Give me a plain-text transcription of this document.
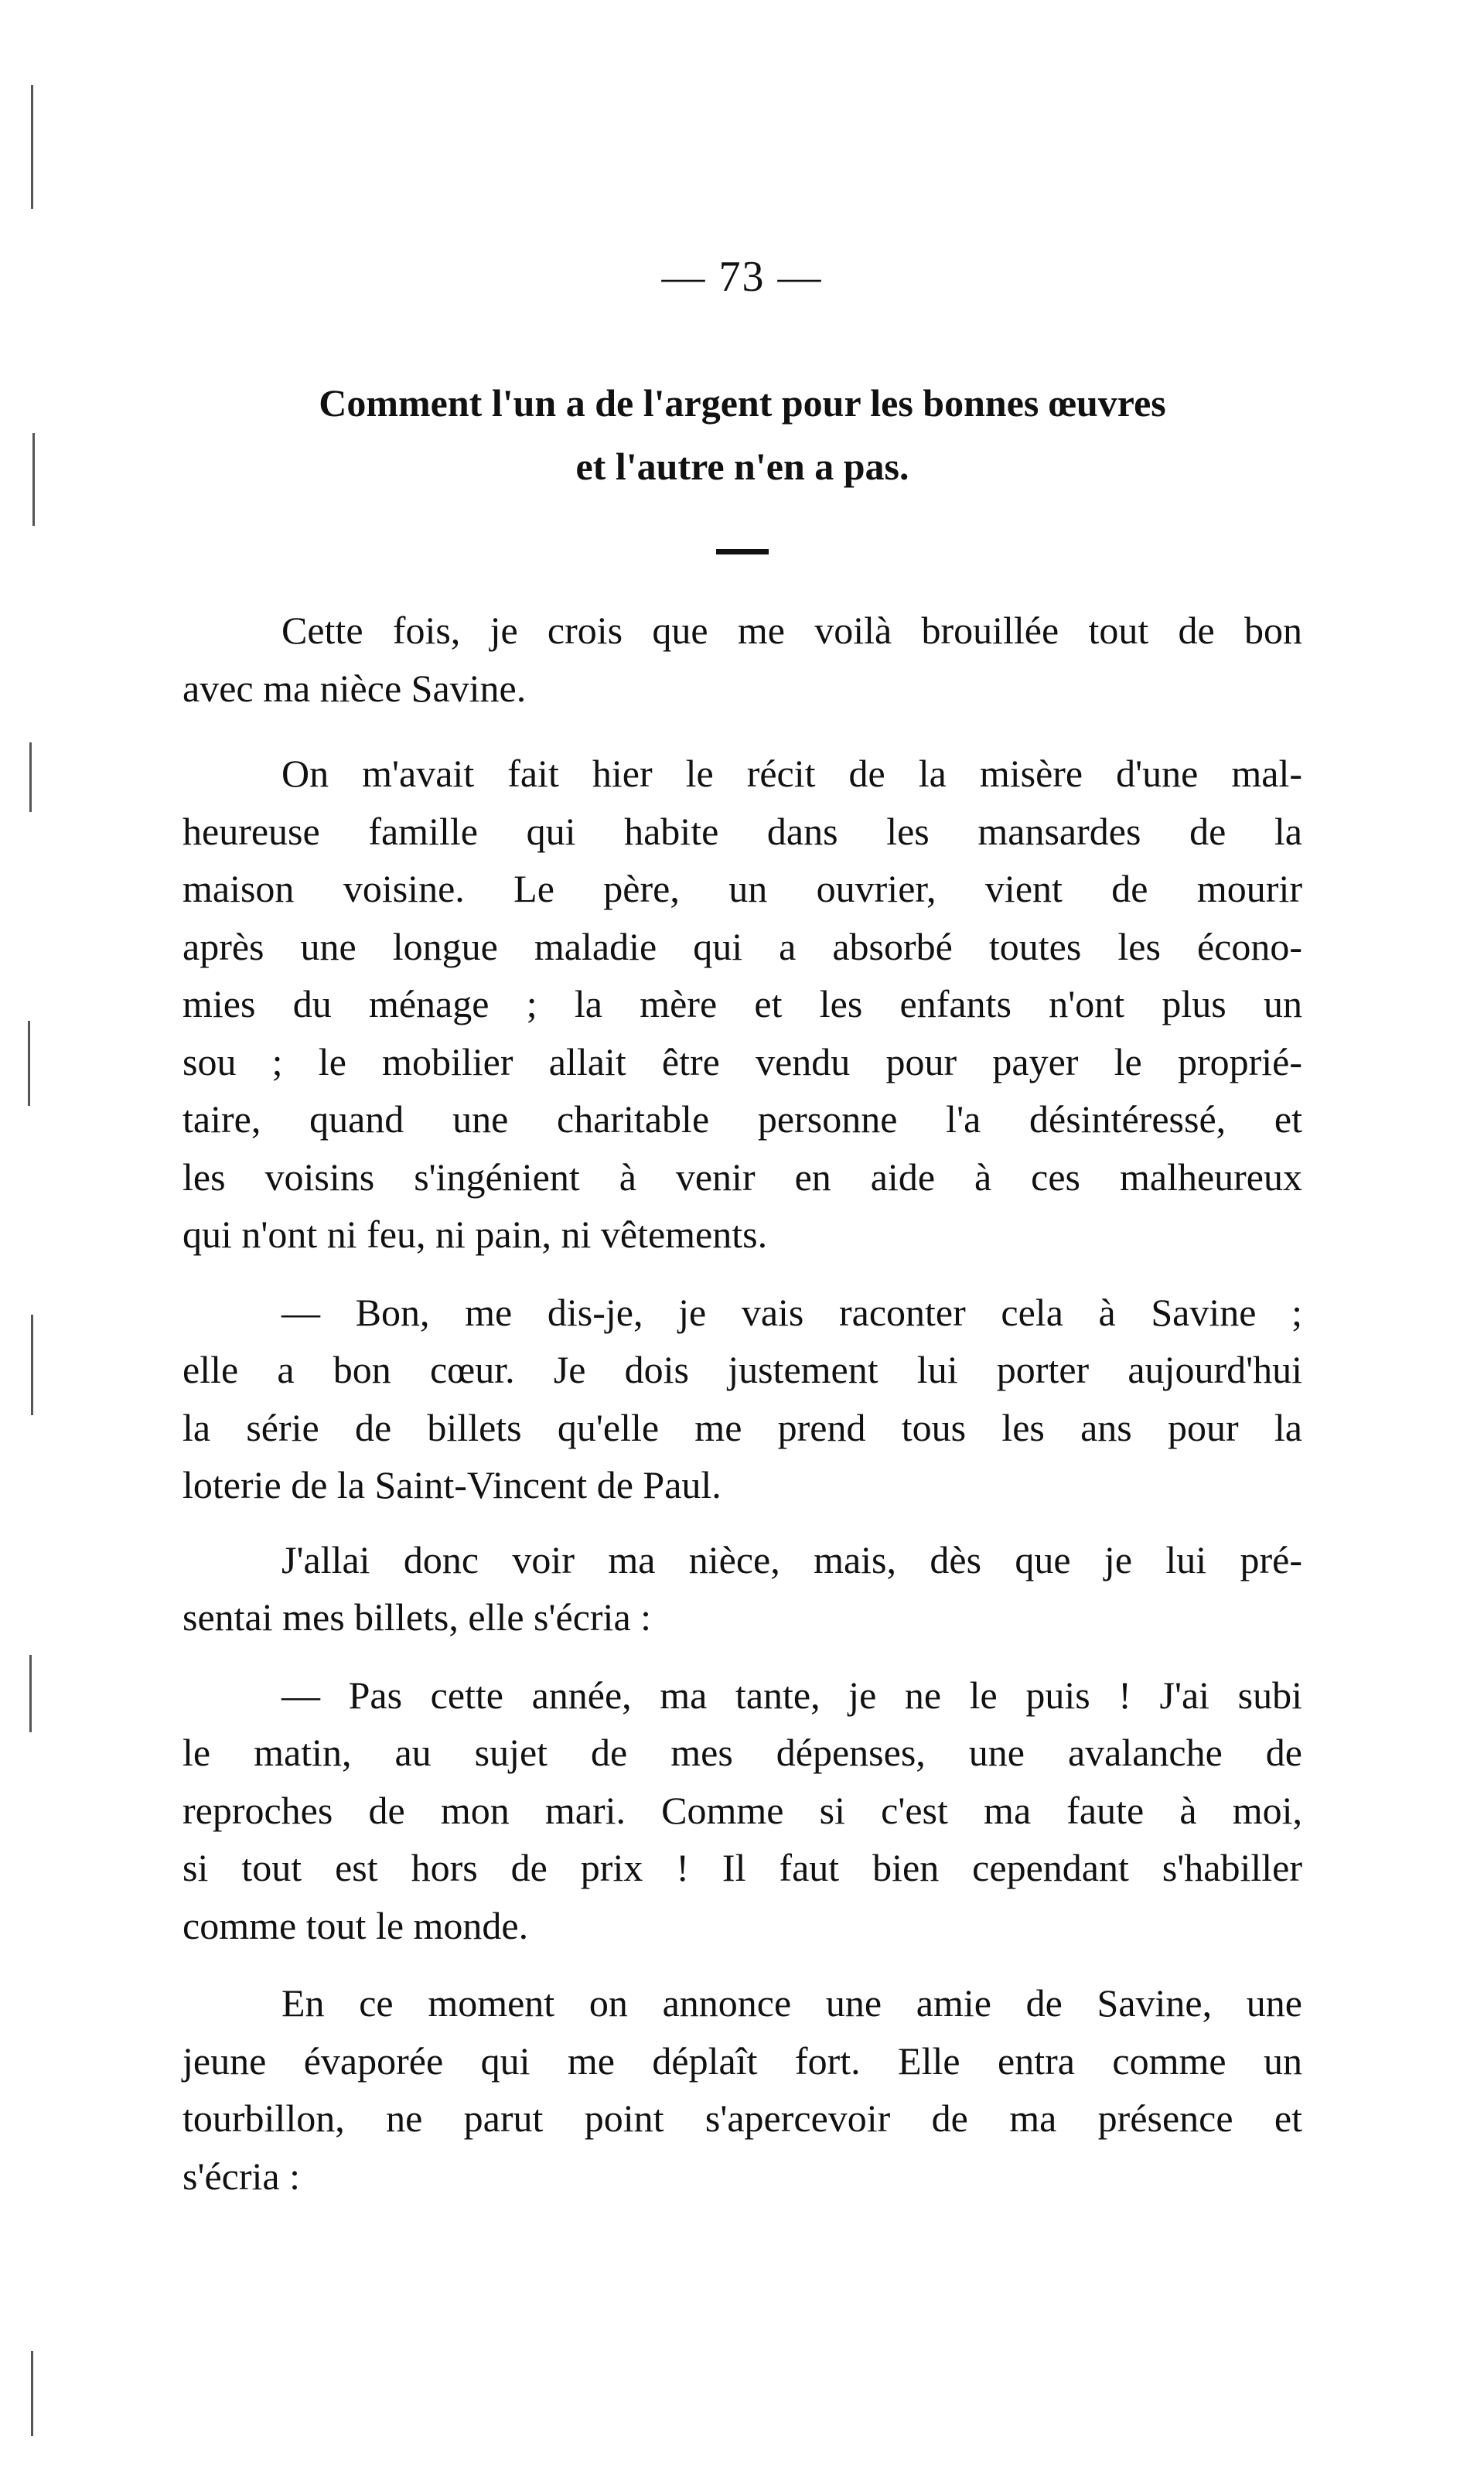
— 73 —
Comment l'un a de l'argent pour les bonnes œuvres
et l'autre n'en a pas.
Cette fois, je crois que me voilà brouillée tout de bon
avec ma nièce Savine.
On m'avait fait hier le récit de la misère d'une mal-
heureuse famille qui habite dans les mansardes de la
maison voisine. Le père, un ouvrier, vient de mourir
après une longue maladie qui a absorbé toutes les écono-
mies du ménage ; la mère et les enfants n'ont plus un
sou ; le mobilier allait être vendu pour payer le proprié-
taire, quand une charitable personne l'a désintéressé, et
les voisins s'ingénient à venir en aide à ces malheureux
qui n'ont ni feu, ni pain, ni vêtements.
— Bon, me dis-je, je vais raconter cela à Savine ;
elle a bon cœur. Je dois justement lui porter aujourd'hui
la série de billets qu'elle me prend tous les ans pour la
loterie de la Saint-Vincent de Paul.
J'allai donc voir ma nièce, mais, dès que je lui pré-
sentai mes billets, elle s'écria :
— Pas cette année, ma tante, je ne le puis ! J'ai subi
le matin, au sujet de mes dépenses, une avalanche de
reproches de mon mari. Comme si c'est ma faute à moi,
si tout est hors de prix ! Il faut bien cependant s'habiller
comme tout le monde.
En ce moment on annonce une amie de Savine, une
jeune évaporée qui me déplaît fort. Elle entra comme un
tourbillon, ne parut point s'apercevoir de ma présence et
s'écria :
